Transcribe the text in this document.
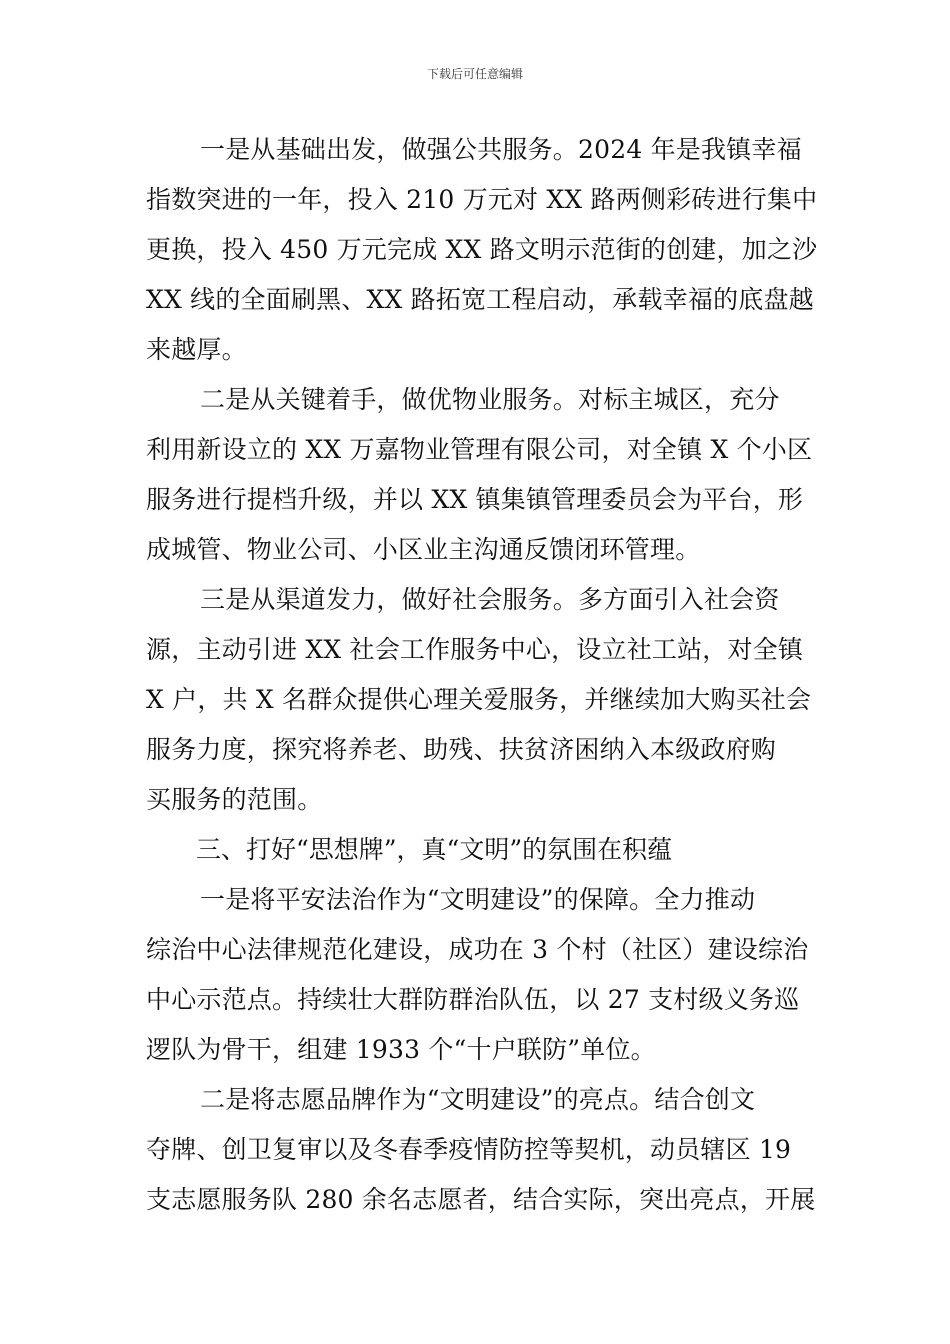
下载后可任意编辑
一是从基础出发，做强公共服务。2024 年是我镇幸福
指数突进的一年，投入 210 万元对 XX 路两侧彩砖进行集中
更换，投入 450 万元完成 XX 路文明示范街的创建，加之沙
XX 线的全面刷黑、XX 路拓宽工程启动，承载幸福的底盘越
来越厚。
二是从关键着手，做优物业服务。对标主城区，充分
利用新设立的 XX 万嘉物业管理有限公司，对全镇 X 个小区
服务进行提档升级，并以 XX 镇集镇管理委员会为平台，形
成城管、物业公司、小区业主沟通反馈闭环管理。
三是从渠道发力，做好社会服务。多方面引入社会资
源，主动引进 XX 社会工作服务中心，设立社工站，对全镇
X 户，共 X 名群众提供心理关爱服务，并继续加大购买社会
服务力度，探究将养老、助残、扶贫济困纳入本级政府购
买服务的范围。
三、打好“思想牌”，真“文明”的氛围在积蕴
一是将平安法治作为“文明建设”的保障。全力推动
综治中心法律规范化建设，成功在 3 个村（社区）建设综治
中心示范点。持续壮大群防群治队伍，以 27 支村级义务巡
逻队为骨干，组建 1933 个“十户联防”单位。
二是将志愿品牌作为“文明建设”的亮点。结合创文
夺牌、创卫复审以及冬春季疫情防控等契机，动员辖区 19
支志愿服务队 280 余名志愿者，结合实际，突出亮点，开展
